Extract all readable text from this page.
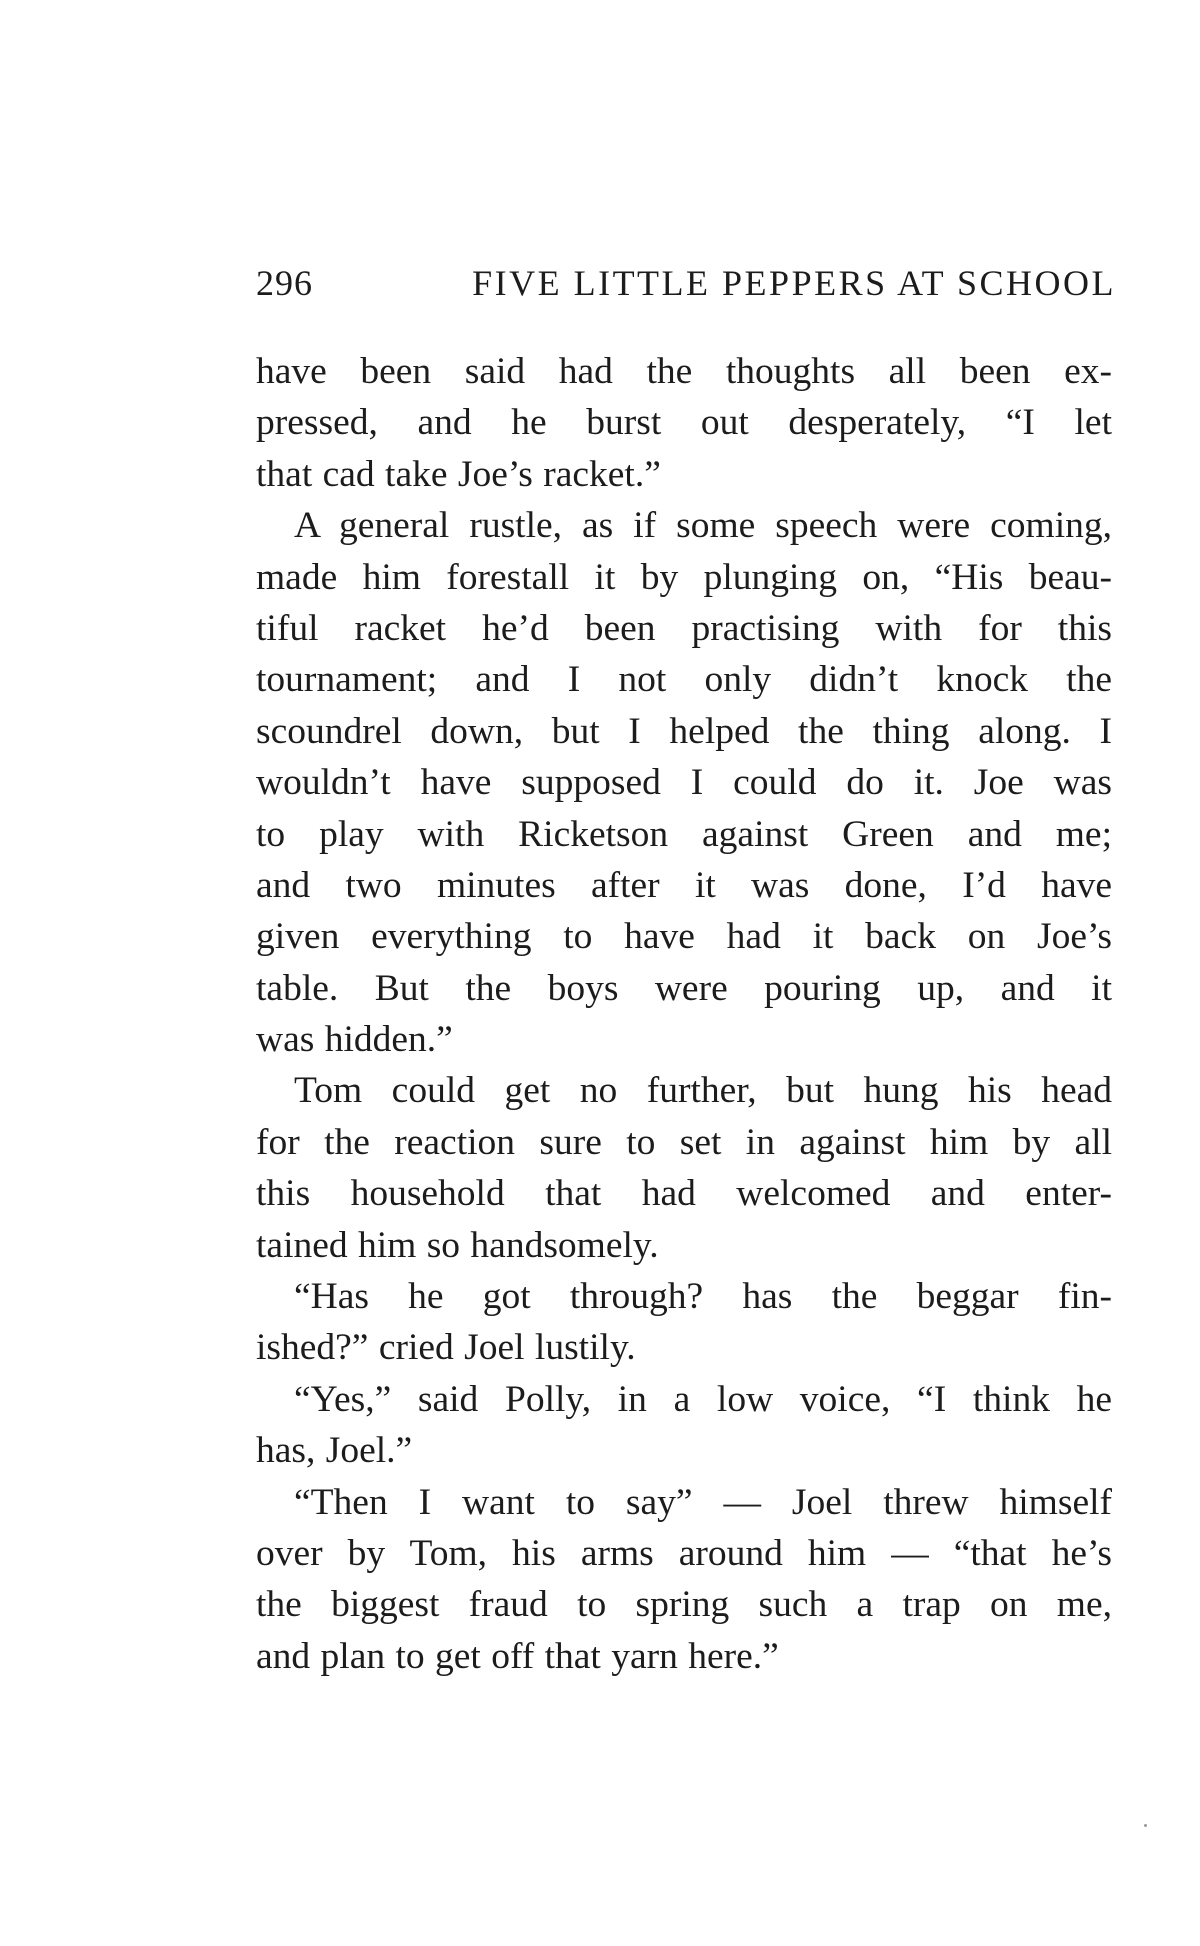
296	FIVE LITTLE PEPPERS AT SCHOOL

have been said had the thoughts all been ex-
pressed, and he burst out desperately, “I let
that cad take Joe’s racket.”

A general rustle, as if some speech were coming,
made him forestall it by plunging on, “His beau-
tiful racket he’d been practising with for this
tournament; and I not only didn’t knock the
scoundrel down, but I helped the thing along. I
wouldn’t have supposed I could do it. Joe was
to play with Ricketson against Green and me;
and two minutes after it was done, I’d have
given everything to have had it back on Joe’s
table. But the boys were pouring up, and it
was hidden.”

Tom could get no further, but hung his head
for the reaction sure to set in against him by all
this household that had welcomed and enter-
tained him so handsomely.

“Has he got through? has the beggar fin-
ished?” cried Joel lustily.

“Yes,” said Polly, in a low voice, “I think he
has, Joel.”

“Then I want to say” — Joel threw himself
over by Tom, his arms around him — “that he’s
the biggest fraud to spring such a trap on me,
and plan to get off that yarn here.”
